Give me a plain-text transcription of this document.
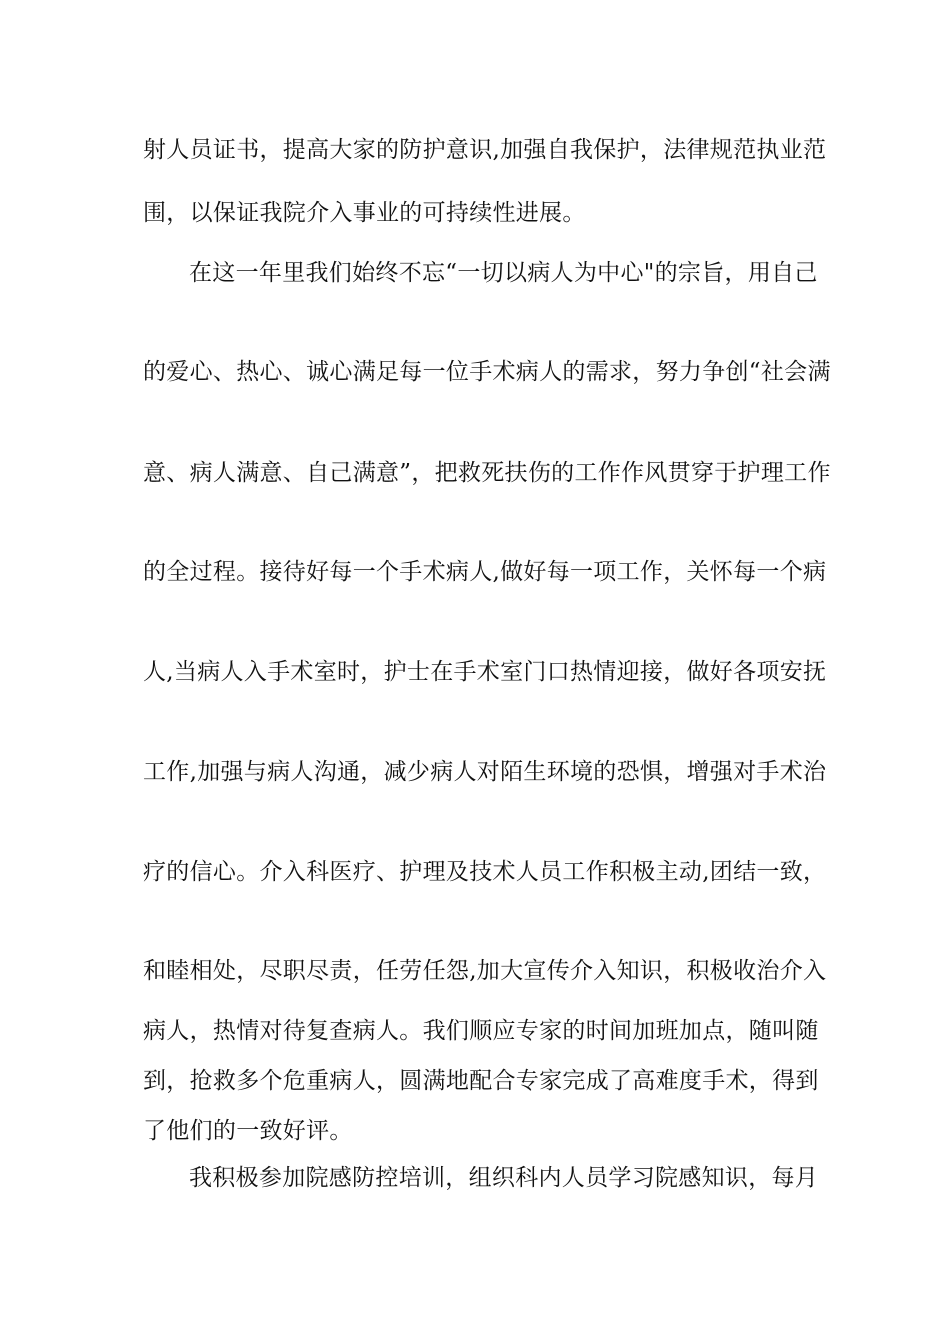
射人员证书，提高大家的防护意识,加强自我保护，法律规范执业范
围，以保证我院介入事业的可持续性进展。
在这一年里我们始终不忘“一切以病人为中心"的宗旨，用自己
的爱心、热心、诚心满足每一位手术病人的需求，努力争创“社会满
意、病人满意、自己满意”，把救死扶伤的工作作风贯穿于护理工作
的全过程。接待好每一个手术病人,做好每一项工作，关怀每一个病
人,当病人入手术室时，护士在手术室门口热情迎接，做好各项安抚
工作,加强与病人沟通，减少病人对陌生环境的恐惧，增强对手术治
疗的信心。介入科医疗、护理及技术人员工作积极主动,团结一致，
和睦相处，尽职尽责，任劳任怨,加大宣传介入知识，积极收治介入
病人，热情对待复查病人。我们顺应专家的时间加班加点，随叫随
到，抢救多个危重病人，圆满地配合专家完成了高难度手术，得到
了他们的一致好评。
我积极参加院感防控培训，组织科内人员学习院感知识，每月
